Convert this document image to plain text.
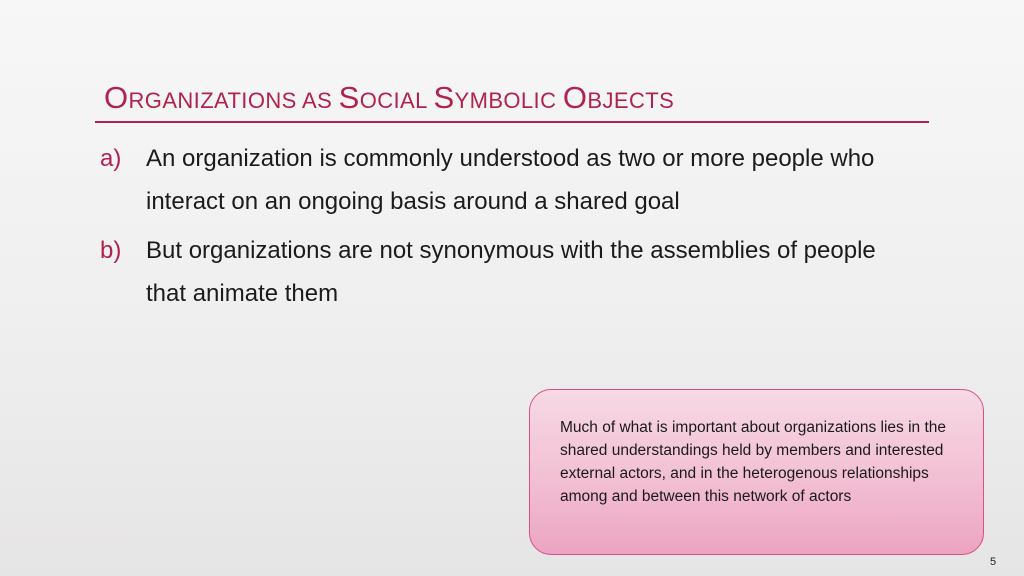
ORGANIZATIONS AS SOCIAL SYMBOLIC OBJECTS
a)	An organization is commonly understood as two or more people who interact on an ongoing basis around a shared goal
b)	But organizations are not synonymous with the assemblies of people that animate them

Much of what is important about organizations lies in the shared understandings held by members and interested external actors, and in the heterogenous relationships among and between this network of actors

5
